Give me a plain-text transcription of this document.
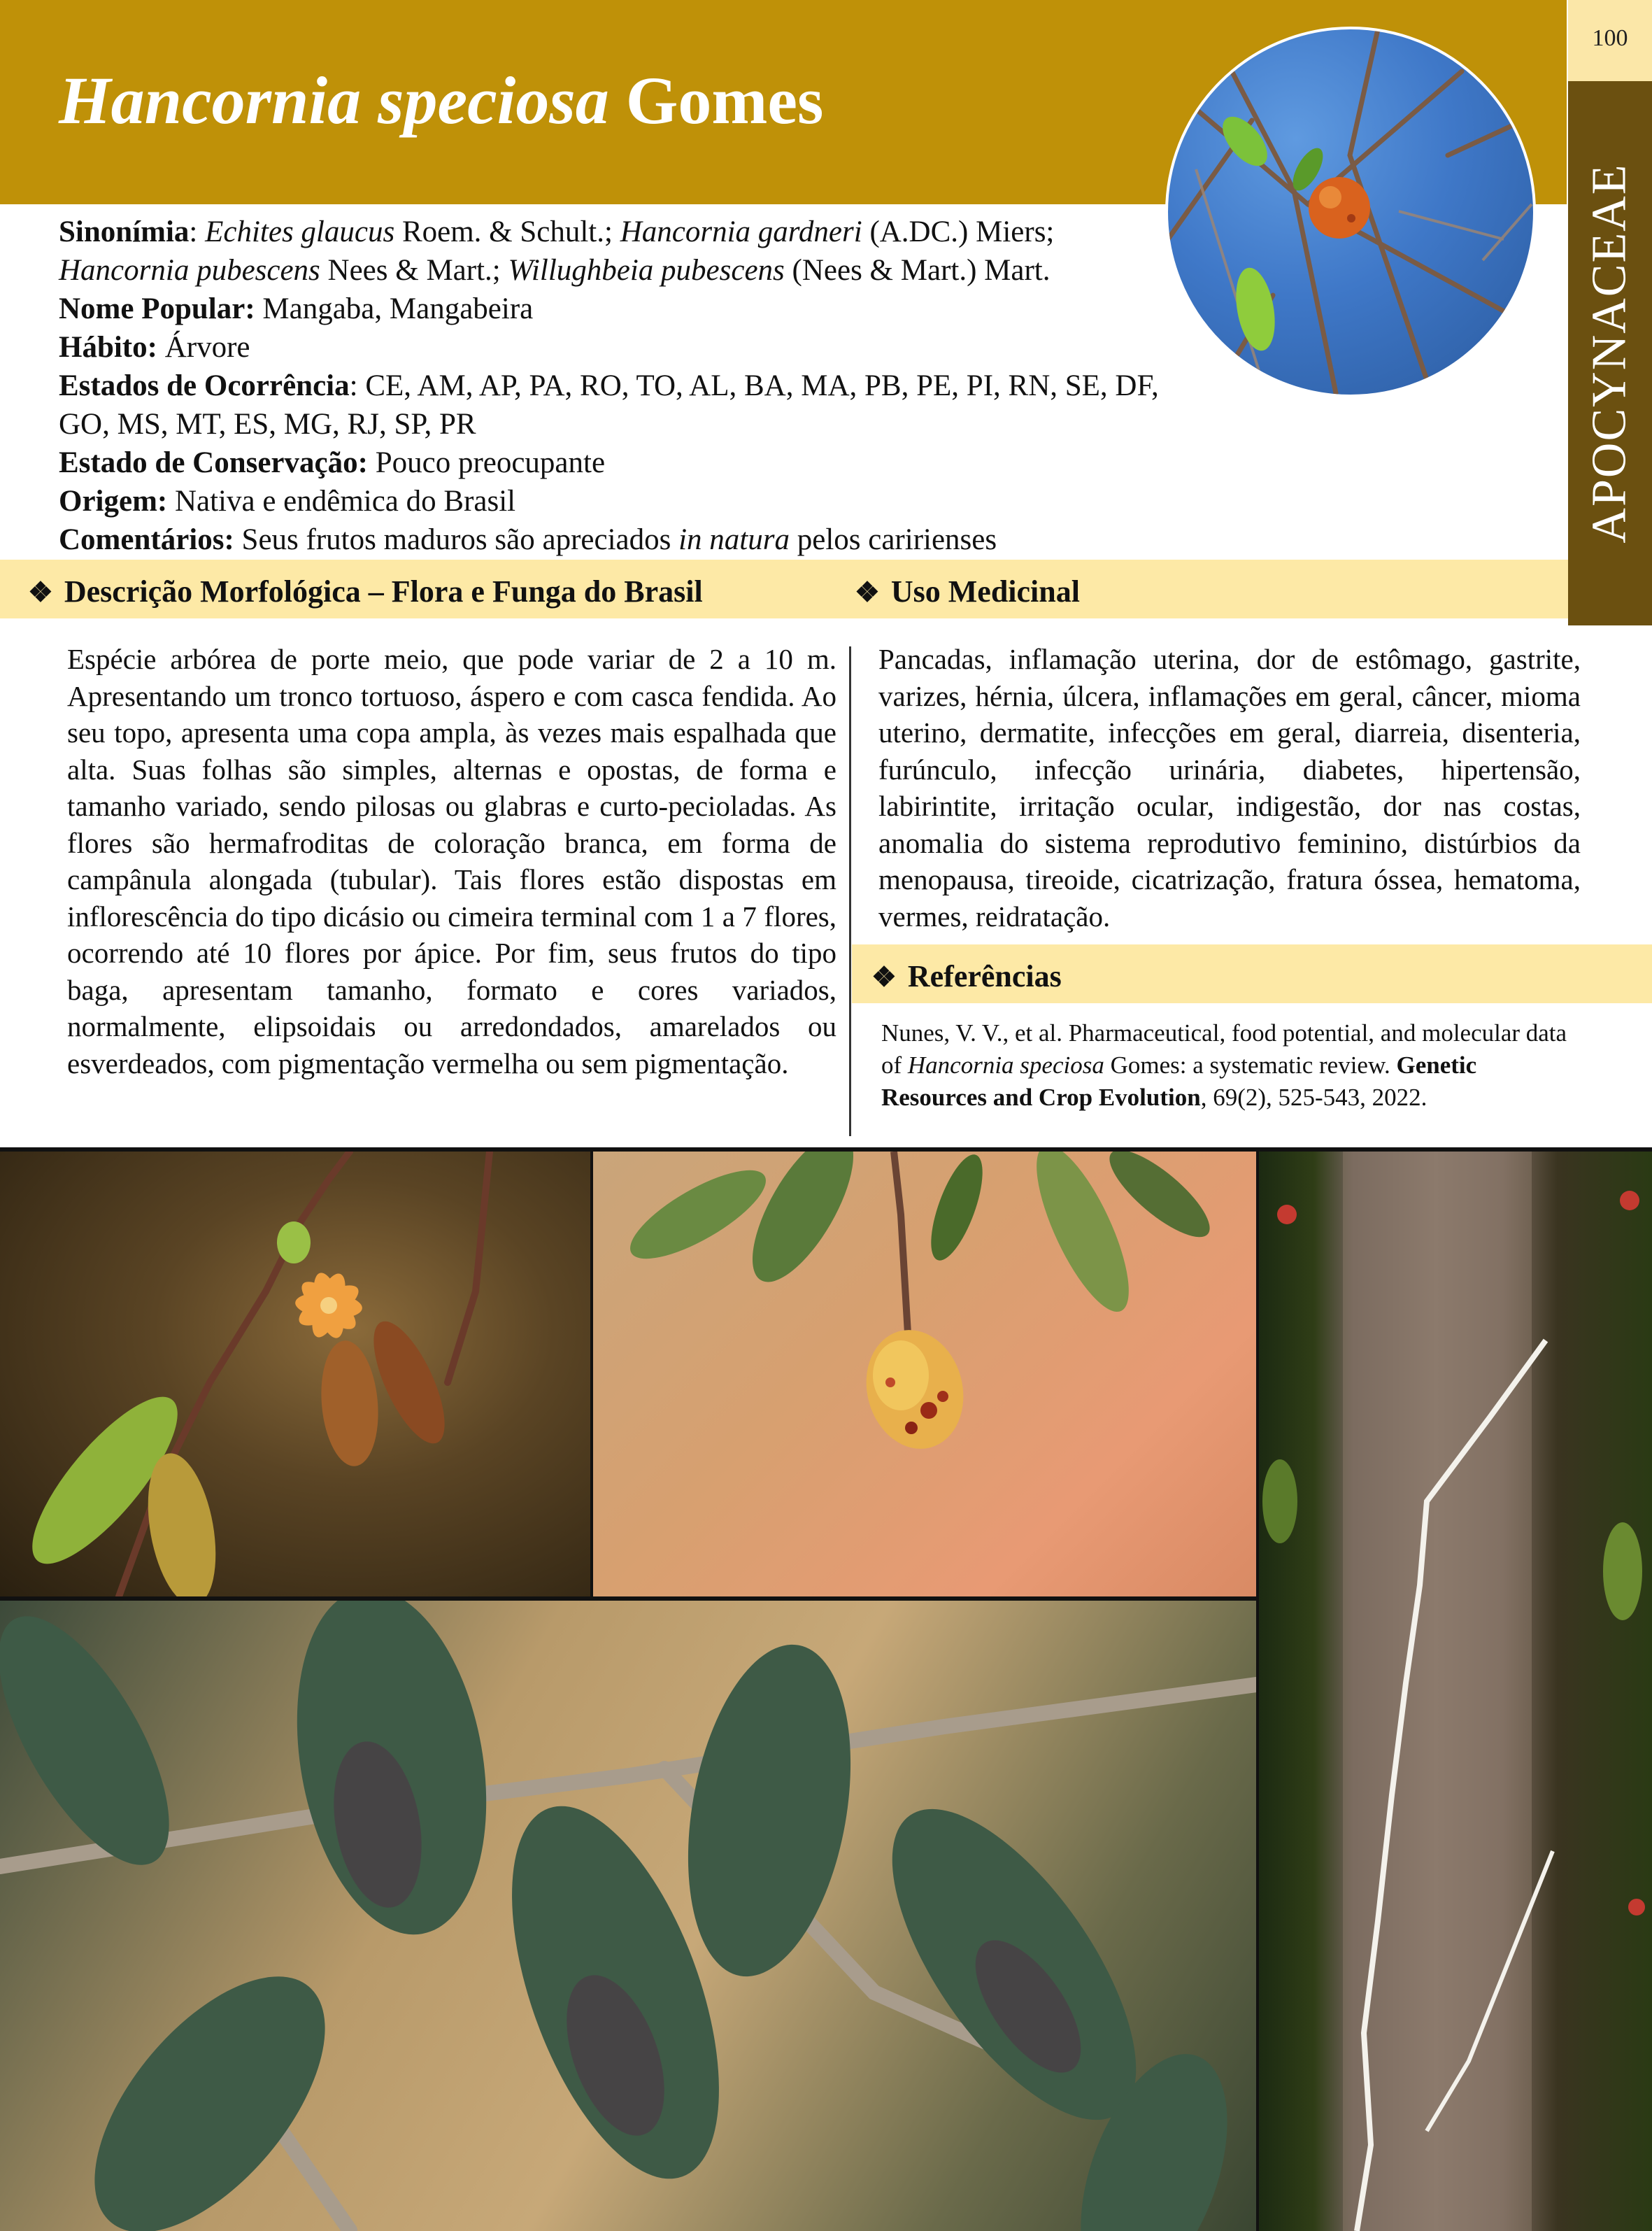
Hancornia speciosa Gomes
100
APOCYNACEAE

Sinonímia: Echites glaucus Roem. & Schult.; Hancornia gardneri (A.DC.) Miers; Hancornia pubescens Nees & Mart.; Willughbeia pubescens (Nees & Mart.) Mart.

Nome Popular: Mangaba, Mangabeira

Hábito: Árvore

Estados de Ocorrência: CE, AM, AP, PA, RO, TO, AL, BA, MA, PB, PE, PI, RN, SE, DF, GO, MS, MT, ES, MG, RJ, SP, PR

Estado de Conservação: Pouco preocupante

Origem: Nativa e endêmica do Brasil

Comentários: Seus frutos maduros são apreciados in natura pelos caririenses

❖ Descrição Morfológica – Flora e Funga do Brasil	❖ Uso Medicinal
❖ Referências
Espécie arbórea de porte meio, que pode variar de 2 a 10 m. Apresentando um tronco tortuoso, áspero e com casca fendida. Ao seu topo, apresenta uma copa ampla, às vezes mais espalhada que alta. Suas folhas são simples, alternas e opostas, de forma e tamanho variado, sendo pilosas ou glabras e curto-pecioladas. As flores são hermafroditas de coloração branca, em forma de campânula alongada (tubular). Tais flores estão dispostas em inflorescência do tipo dicásio ou cimeira terminal com 1 a 7 flores, ocorrendo até 10 flores por ápice. Por fim, seus frutos do tipo baga, apresentam tamanho, formato e cores variados, normalmente, elipsoidais ou arredondados, amarelados ou esverdeados, com pigmentação vermelha ou sem pigmentação.
Pancadas, inflamação uterina, dor de estômago, gastrite, varizes, hérnia, úlcera, inflamações em geral, câncer, mioma uterino, dermatite, infecções em geral, diarreia, disenteria, furúnculo, infecção urinária, diabetes, hipertensão, labirintite, irritação ocular, indigestão, dor nas costas, anomalia do sistema reprodutivo feminino, distúrbios da menopausa, tireoide, cicatrização, fratura óssea, hematoma, vermes, reidratação.
Nunes, V. V., et al. Pharmaceutical, food potential, and molecular data of Hancornia speciosa Gomes: a systematic review. Genetic Resources and Crop Evolution, 69(2), 525-543, 2022.
